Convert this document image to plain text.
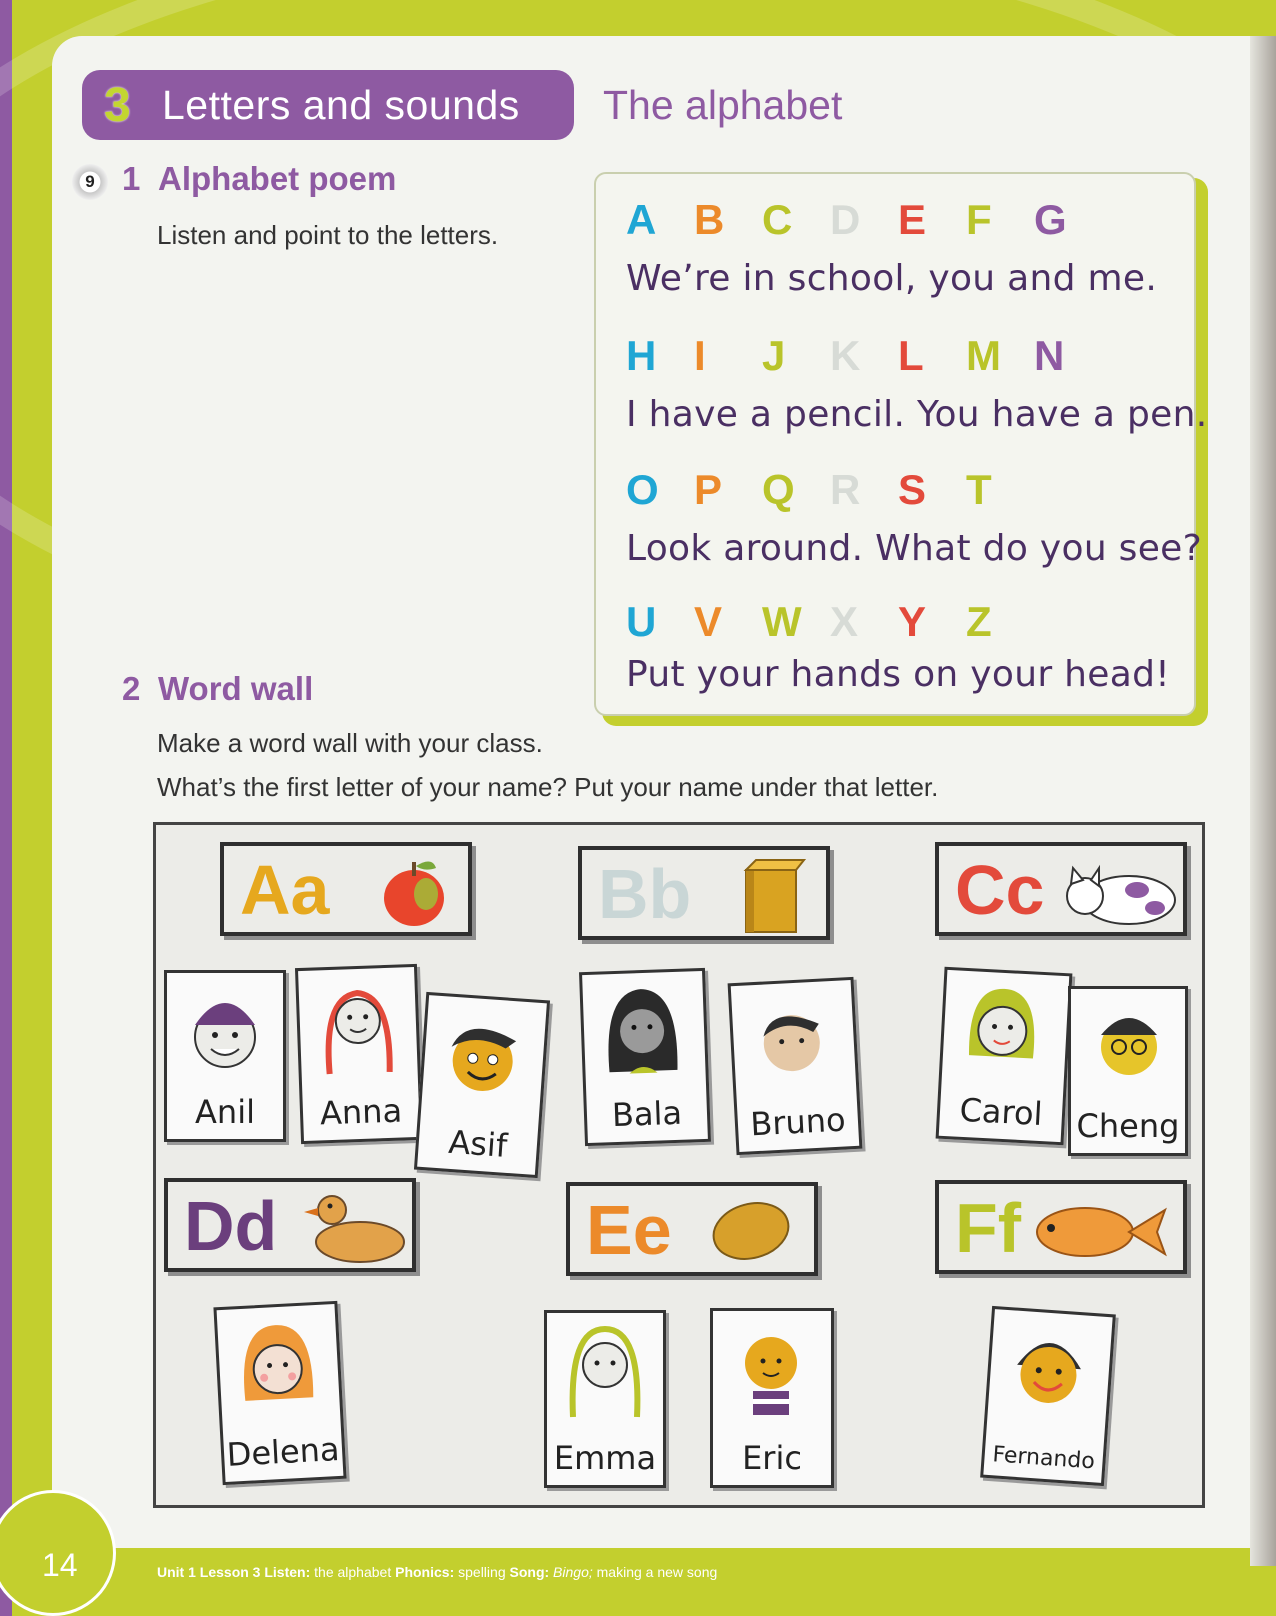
3 Letters and sounds The alphabet
9 1 Alphabet poem
Listen and point to the letters.	A B C D E F	G
We’re in school, you and me.
H I	J	K L	M N
I have a pencil. You have a pen.
O P Q R S T
Look around. What do you see?
U V W X Y Z
Put your hands on your head!
2 Word wall
Make a word wall with your class.
What’s the first letter of your name? Put your name under that letter.
Aa	Bb	Cc
Dd	Ee	Ff
Anil	Anna
Asif
Bala	Bruno	Carol	Cheng
Delena	Emma	Eric	Fernando
14	Unit 1 Lesson 3 Listen: the alphabet Phonics: spelling Song: Bingo; making a new song
